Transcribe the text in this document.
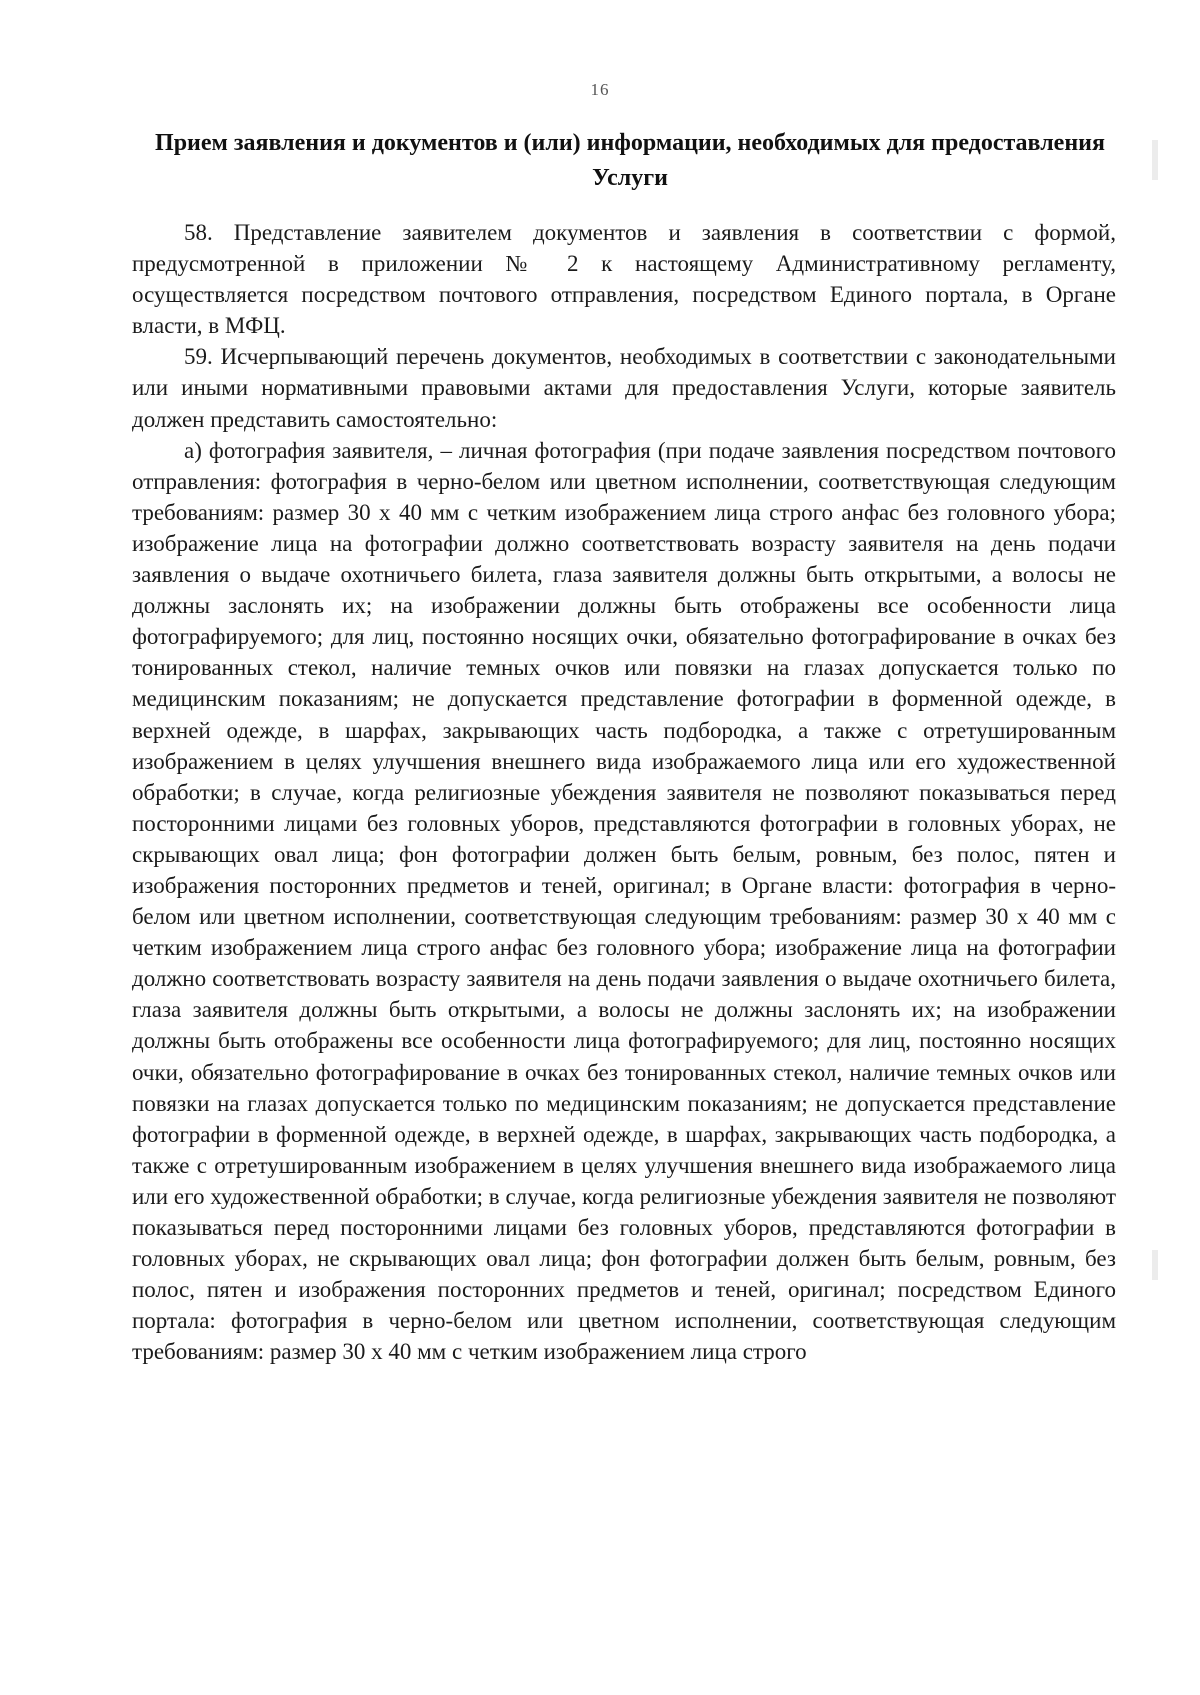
16
Прием заявления и документов и (или) информации, необходимых для предоставления Услуги

58. Представление заявителем документов и заявления в соответствии с формой, предусмотренной в приложении № 2 к настоящему Административному регламенту, осуществляется посредством почтового отправления, посредством Единого портала, в Органе власти, в МФЦ.

59. Исчерпывающий перечень документов, необходимых в соответствии с законодательными или иными нормативными правовыми актами для предоставления Услуги, которые заявитель должен представить самостоятельно:

а) фотография заявителя, – личная фотография (при подаче заявления посредством почтового отправления: фотография в черно-белом или цветном исполнении, соответствующая следующим требованиям: размер 30 х 40 мм с четким изображением лица строго анфас без головного убора; изображение лица на фотографии должно соответствовать возрасту заявителя на день подачи заявления о выдаче охотничьего билета, глаза заявителя должны быть открытыми, а волосы не должны заслонять их; на изображении должны быть отображены все особенности лица фотографируемого; для лиц, постоянно носящих очки, обязательно фотографирование в очках без тонированных стекол, наличие темных очков или повязки на глазах допускается только по медицинским показаниям; не допускается представление фотографии в форменной одежде, в верхней одежде, в шарфах, закрывающих часть подбородка, а также с отретушированным изображением в целях улучшения внешнего вида изображаемого лица или его художественной обработки; в случае, когда религиозные убеждения заявителя не позволяют показываться перед посторонними лицами без головных уборов, представляются фотографии в головных уборах, не скрывающих овал лица; фон фотографии должен быть белым, ровным, без полос, пятен и изображения посторонних предметов и теней, оригинал; в Органе власти: фотография в черно-белом или цветном исполнении, соответствующая следующим требованиям: размер 30 х 40 мм с четким изображением лица строго анфас без головного убора; изображение лица на фотографии должно соответствовать возрасту заявителя на день подачи заявления о выдаче охотничьего билета, глаза заявителя должны быть открытыми, а волосы не должны заслонять их; на изображении должны быть отображены все особенности лица фотографируемого; для лиц, постоянно носящих очки, обязательно фотографирование в очках без тонированных стекол, наличие темных очков или повязки на глазах допускается только по медицинским показаниям; не допускается представление фотографии в форменной одежде, в верхней одежде, в шарфах, закрывающих часть подбородка, а также с отретушированным изображением в целях улучшения внешнего вида изображаемого лица или его художественной обработки; в случае, когда религиозные убеждения заявителя не позволяют показываться перед посторонними лицами без головных уборов, представляются фотографии в головных уборах, не скрывающих овал лица; фон фотографии должен быть белым, ровным, без полос, пятен и изображения посторонних предметов и теней, оригинал; посредством Единого портала: фотография в черно-белом или цветном исполнении, соответствующая следующим требованиям: размер 30 х 40 мм с четким изображением лица строго
